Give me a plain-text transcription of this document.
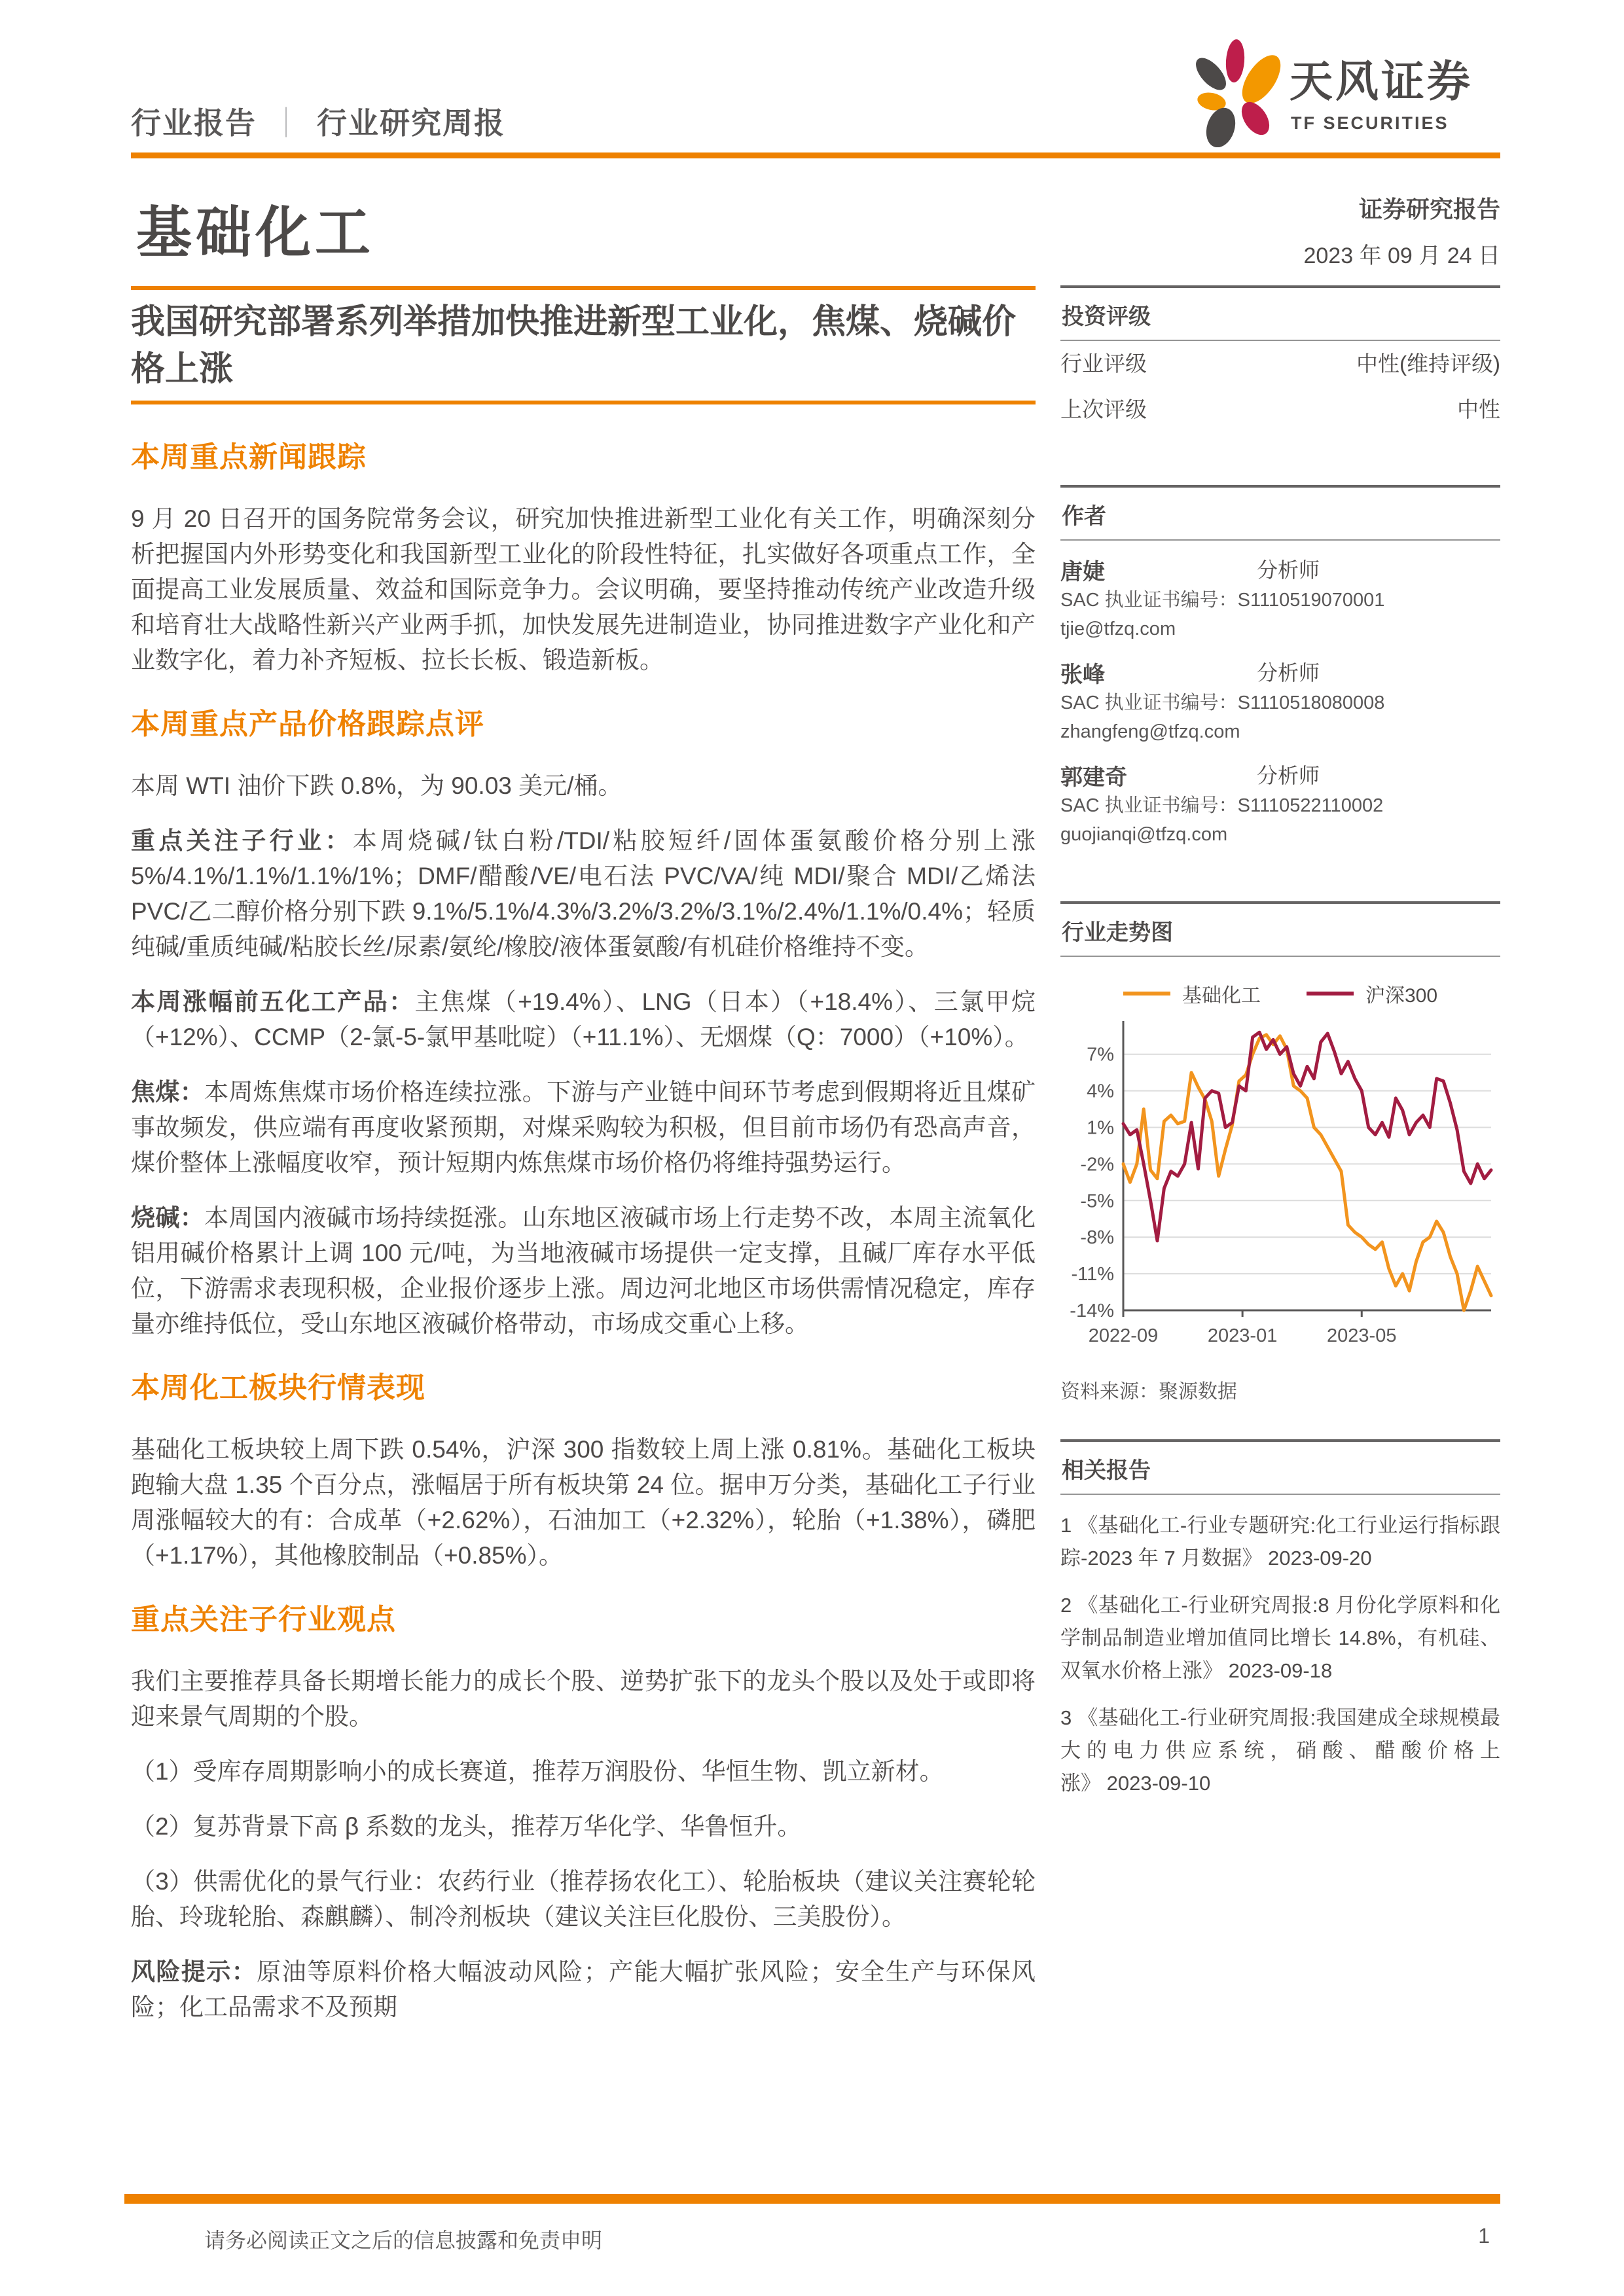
行业报告 ｜ 行业研究周报
天风证券
TF SECURITIES
基础化工
我国研究部署系列举措加快推进新型工业化，焦煤、烧碱价格上涨
本周重点新闻跟踪

9 月 20 日召开的国务院常务会议，研究加快推进新型工业化有关工作，明确深刻分析把握国内外形势变化和我国新型工业化的阶段性特征，扎实做好各项重点工作，全面提高工业发展质量、效益和国际竞争力。会议明确，要坚持推动传统产业改造升级和培育壮大战略性新兴产业两手抓，加快发展先进制造业，协同推进数字产业化和产业数字化，着力补齐短板、拉长长板、锻造新板。

本周重点产品价格跟踪点评

本周 WTI 油价下跌 0.8%，为 90.03 美元/桶。

重点关注子行业：本周烧碱/钛白粉/TDI/粘胶短纤/固体蛋氨酸价格分别上涨 5%/4.1%/1.1%/1.1%/1%；DMF/醋酸/VE/电石法 PVC/VA/纯 MDI/聚合 MDI/乙烯法 PVC/乙二醇价格分别下跌 9.1%/5.1%/4.3%/3.2%/3.2%/3.1%/2.4%/1.1%/0.4%；轻质纯碱/重质纯碱/粘胶长丝/尿素/氨纶/橡胶/液体蛋氨酸/有机硅价格维持不变。

本周涨幅前五化工产品：主焦煤（+19.4%）、LNG（日本）（+18.4%）、三氯甲烷（+12%）、CCMP（2-氯-5-氯甲基吡啶）（+11.1%）、无烟煤（Q：7000）（+10%）。

焦煤：本周炼焦煤市场价格连续拉涨。下游与产业链中间环节考虑到假期将近且煤矿事故频发，供应端有再度收紧预期，对煤采购较为积极，但目前市场仍有恐高声音，煤价整体上涨幅度收窄，预计短期内炼焦煤市场价格仍将维持强势运行。

烧碱：本周国内液碱市场持续挺涨。山东地区液碱市场上行走势不改，本周主流氧化铝用碱价格累计上调 100 元/吨，为当地液碱市场提供一定支撑，且碱厂库存水平低位，下游需求表现积极，企业报价逐步上涨。周边河北地区市场供需情况稳定，库存量亦维持低位，受山东地区液碱价格带动，市场成交重心上移。

本周化工板块行情表现

基础化工板块较上周下跌 0.54%，沪深 300 指数较上周上涨 0.81%。基础化工板块跑输大盘 1.35 个百分点，涨幅居于所有板块第 24 位。据申万分类，基础化工子行业周涨幅较大的有：合成革（+2.62%），石油加工（+2.32%），轮胎（+1.38%），磷肥（+1.17%），其他橡胶制品（+0.85%）。

重点关注子行业观点

我们主要推荐具备长期增长能力的成长个股、逆势扩张下的龙头个股以及处于或即将迎来景气周期的个股。

（1）受库存周期影响小的成长赛道，推荐万润股份、华恒生物、凯立新材。

（2）复苏背景下高 β 系数的龙头，推荐万华化学、华鲁恒升。

（3）供需优化的景气行业：农药行业（推荐扬农化工）、轮胎板块（建议关注赛轮轮胎、玲珑轮胎、森麒麟）、制冷剂板块（建议关注巨化股份、三美股份）。

风险提示：原油等原料价格大幅波动风险；产能大幅扩张风险；安全生产与环保风险；化工品需求不及预期

证券研究报告
2023 年 09 月 24 日
投资评级
行业评级	中性(维持评级)
上次评级	中性
作者
唐婕	分析师
SAC 执业证书编号：S1110519070001
tjie@tfzq.com
张峰	分析师
SAC 执业证书编号：S1110518080008
zhangfeng@tfzq.com
郭建奇	分析师
SAC 执业证书编号：S1110522110002
guojianqi@tfzq.com
行业走势图
基础化工	沪深300
7%
4%
1%
-2%
-5%
-8%
-11%
-14%
2022-09	2023-01	2023-05
资料来源：聚源数据
相关报告

1 《基础化工-行业专题研究:化工行业运行指标跟踪-2023 年 7 月数据》 2023-09-20

2 《基础化工-行业研究周报:8 月份化学原料和化学制品制造业增加值同比增长 14.8%，有机硅、双氧水价格上涨》 2023-09-18

3 《基础化工-行业研究周报:我国建成全球规模最大的电力供应系统，硝酸、醋酸价格上涨》 2023-09-10

请务必阅读正文之后的信息披露和免责申明	1
